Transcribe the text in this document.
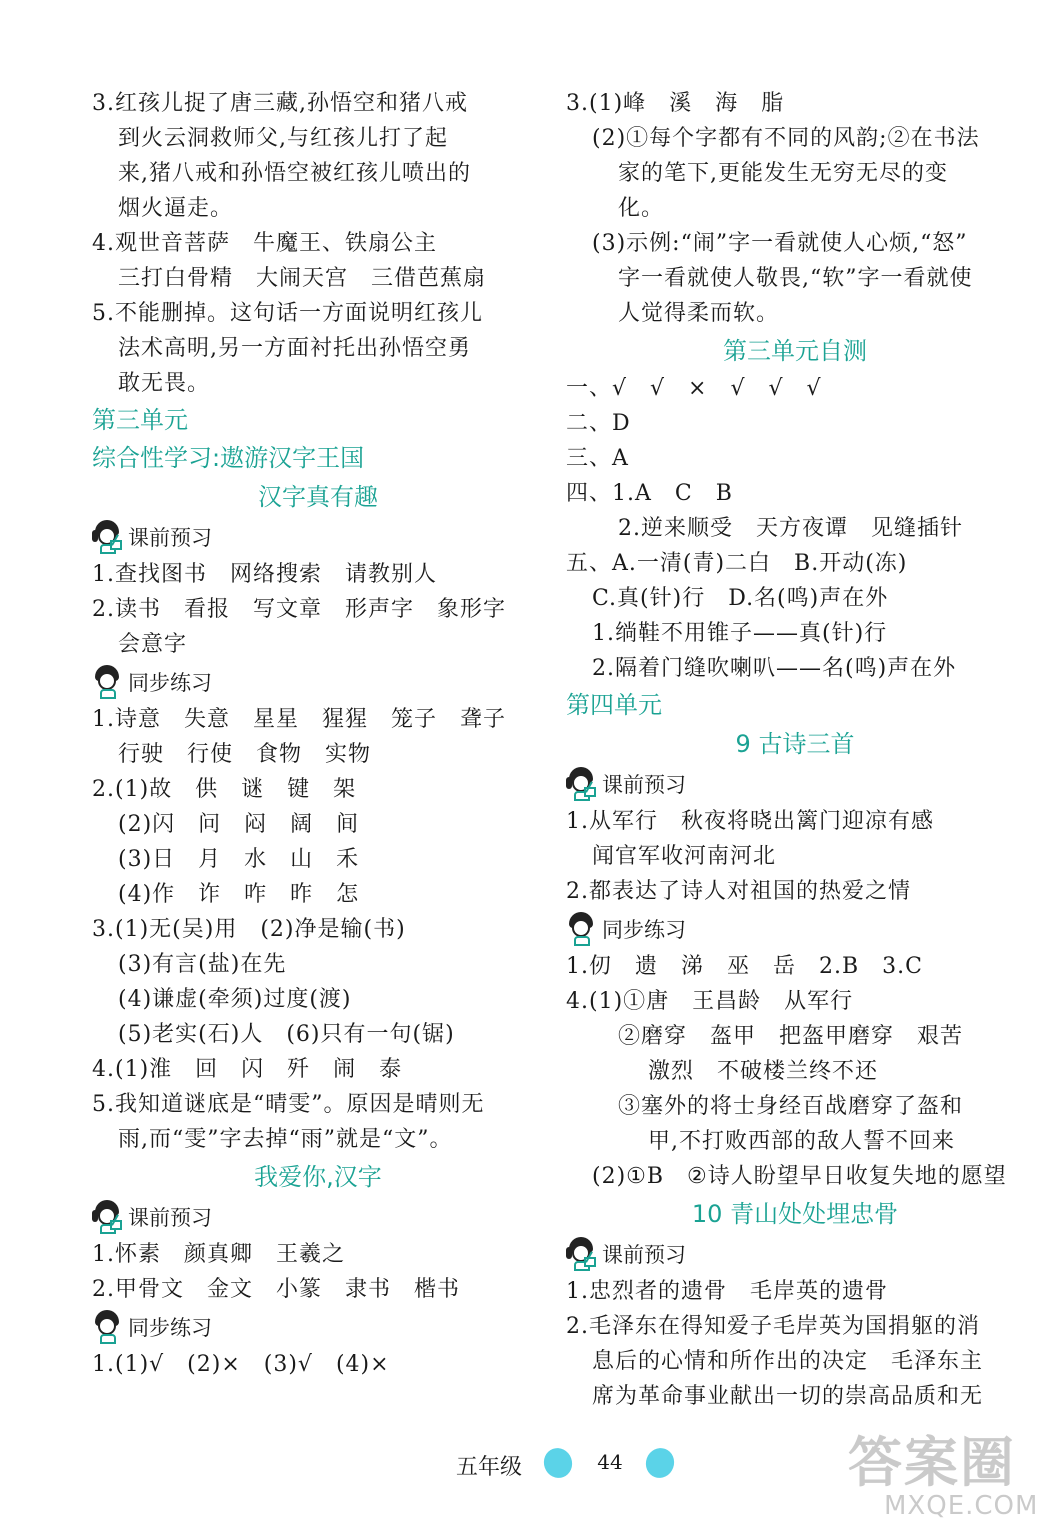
3.红孩儿捉了唐三藏,孙悟空和猪八戒
到火云洞救师父,与红孩儿打了起
来,猪八戒和孙悟空被红孩儿喷出的
烟火逼走。
4.观世音菩萨　牛魔王、铁扇公主
三打白骨精　大闹天宫　三借芭蕉扇
5.不能删掉。这句话一方面说明红孩儿
法术高明,另一方面衬托出孙悟空勇
敢无畏。
第三单元
综合性学习:遨游汉字王国
汉字真有趣
课前预习
1.查找图书　网络搜索　请教别人
2.读书　看报　写文章　形声字　象形字
会意字
同步练习
1.诗意　失意　星星　猩猩　笼子　聋子
行驶　行使　食物　实物
2.(1)故　供　谜　键　架
(2)闪　问　闷　阔　间
(3)日　月　水　山　禾
(4)作　诈　咋　昨　怎
3.(1)无(吴)用　(2)净是输(书)
(3)有言(盐)在先
(4)谦虚(牵须)过度(渡)
(5)老实(石)人　(6)只有一句(锯)
4.(1)淮　回　闪　歼　闹　泰
5.我知道谜底是“晴雯”。原因是晴则无
雨,而“雯”字去掉“雨”就是“文”。
我爱你,汉字
课前预习
1.怀素　颜真卿　王羲之
2.甲骨文　金文　小篆　隶书　楷书
同步练习
1.(1)√　(2)×　(3)√　(4)×
3.(1)峰　溪　海　脂
(2)①每个字都有不同的风韵;②在书法
家的笔下,更能发生无穷无尽的变
化。
(3)示例:“闹”字一看就使人心烦,“怒”
字一看就使人敬畏,“软”字一看就使
人觉得柔而软。
第三单元自测
一、√　√　×　√　√　√
二、D
三、A
四、1.A　C　B
2.逆来顺受　天方夜谭　见缝插针
五、A.一清(青)二白　B.开动(冻)
C.真(针)行　D.名(鸣)声在外
1.绱鞋不用锥子——真(针)行
2.隔着门缝吹喇叭——名(鸣)声在外
第四单元
9 古诗三首
课前预习
1.从军行　秋夜将晓出篱门迎凉有感
闻官军收河南河北
2.都表达了诗人对祖国的热爱之情
同步练习
1.仞　遗　涕　巫　岳　2.B　3.C
4.(1)①唐　王昌龄　从军行
②磨穿　盔甲　把盔甲磨穿　艰苦
激烈　不破楼兰终不还
③塞外的将士身经百战磨穿了盔和
甲,不打败西部的敌人誓不回来
(2)①B　②诗人盼望早日收复失地的愿望
10 青山处处埋忠骨
课前预习
1.忠烈者的遗骨　毛岸英的遗骨
2.毛泽东在得知爱子毛岸英为国捐躯的消
息后的心情和所作出的决定　毛泽东主
席为革命事业献出一切的崇高品质和无
五年级	44	答案圈
MXQE.COM
